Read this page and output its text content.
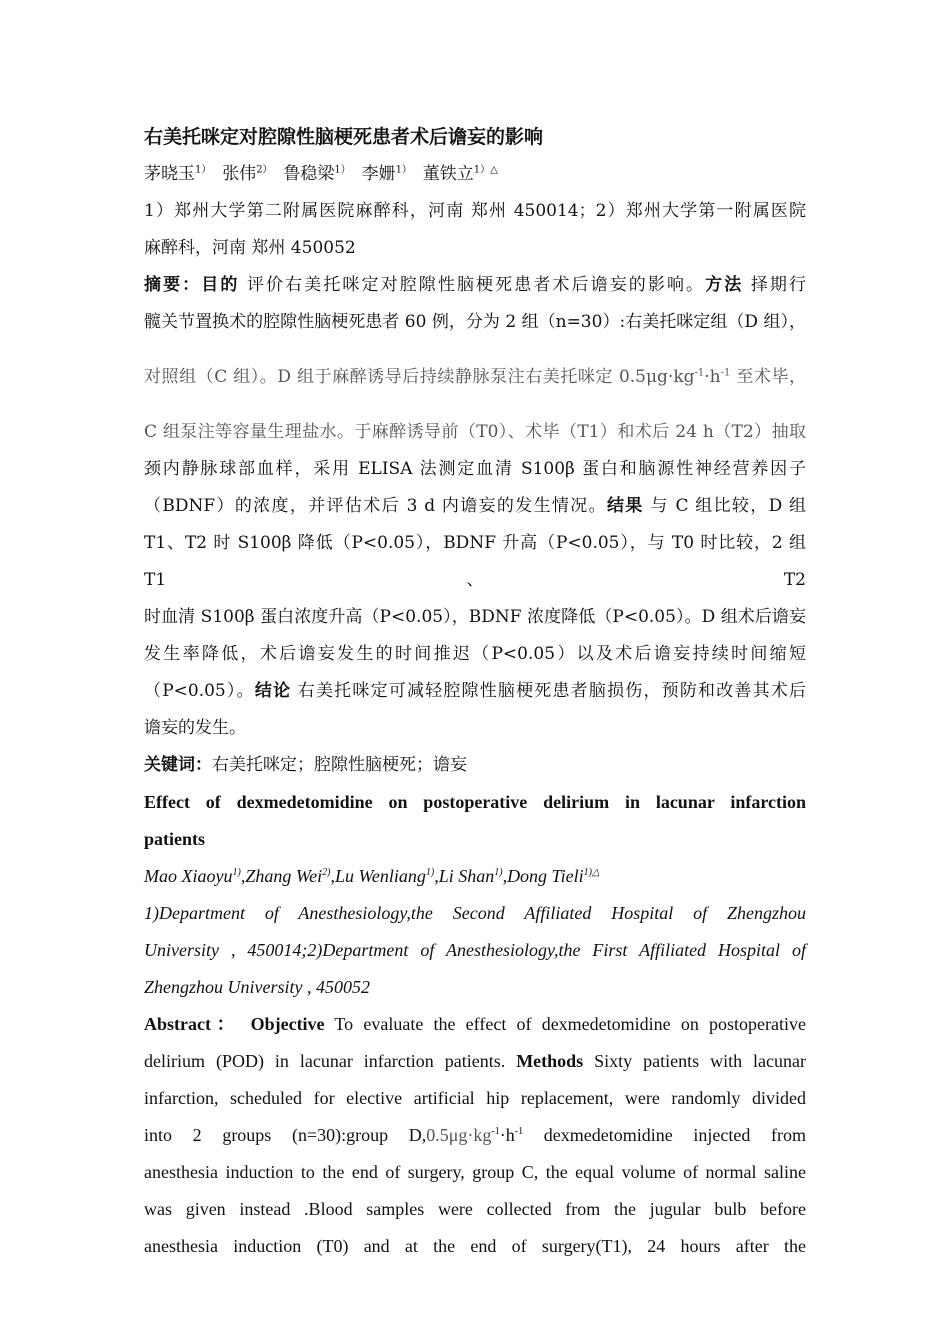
右美托咪定对腔隙性脑梗死患者术后谵妄的影响

茅晓玉$^{1)}$ 张伟$^{2)}$ 鲁稳梁$^{1)}$ 李姗$^{1)}$ 董铁立$^{1)\triangle}$

1）郑州大学第二附属医院麻醉科，河南 郑州 450014；2）郑州大学第一附属医院

麻醉科，河南 郑州 450052

摘要：目的 评价右美托咪定对腔隙性脑梗死患者术后谵妄的影响。方法 择期行

髋关节置换术的腔隙性脑梗死患者 60 例，分为 2 组（n=30）:右美托咪定组（D 组），

对照组（C 组）。D 组于麻醉诱导后持续静脉泵注右美托咪定 $0.5\mu g\cdot kg^{-1}\cdot h^{-1}$ 至术毕，

C 组泵注等容量生理盐水。于麻醉诱导前（T0）、术毕（T1）和术后 24 h（T2）抽取

颈内静脉球部血样，采用 ELISA 法测定血清 S100β 蛋白和脑源性神经营养因子

（BDNF）的浓度，并评估术后 3 d 内谵妄的发生情况。结果 与 C 组比较，D 组

T1、T2 时 S100β 降低（P<0.05），BDNF 升高（P<0.05），与 T0 时比较，2 组 T1、T2

时血清 S100β 蛋白浓度升高（P<0.05），BDNF 浓度降低（P<0.05）。D 组术后谵妄

发生率降低，术后谵妄发生的时间推迟（P<0.05）以及术后谵妄持续时间缩短

（P<0.05）。结论 右美托咪定可减轻腔隙性脑梗死患者脑损伤，预防和改善其术后

谵妄的发生。

关键词：右美托咪定；腔隙性脑梗死；谵妄

Effect of dexmedetomidine on postoperative delirium in lacunar infarction

patients

Mao Xiaoyu$^{1)}$,Zhang Wei$^{2)}$,Lu Wenliang$^{1)}$,Li Shan$^{1)}$,Dong Tieli$^{1)\triangle}$

1)Department of Anesthesiology,the Second Affiliated Hospital of Zhengzhou

University , 450014;2)Department of Anesthesiology,the First Affiliated Hospital of

Zhengzhou University , 450052

Abstract： Objective To evaluate the effect of dexmedetomidine on postoperative

delirium (POD) in lacunar infarction patients. Methods Sixty patients with lacunar

infarction, scheduled for elective artificial hip replacement, were randomly divided

into 2 groups (n=30):group $D,0.5\mu g\cdot kg^{-1}\cdot h^{-1}$ dexmedetomidine injected from

anesthesia induction to the end of surgery, group C, the equal volume of normal saline

was given instead .Blood samples were collected from the jugular bulb before

anesthesia induction (T0) and at the end of surgery(T1), 24 hours after the
